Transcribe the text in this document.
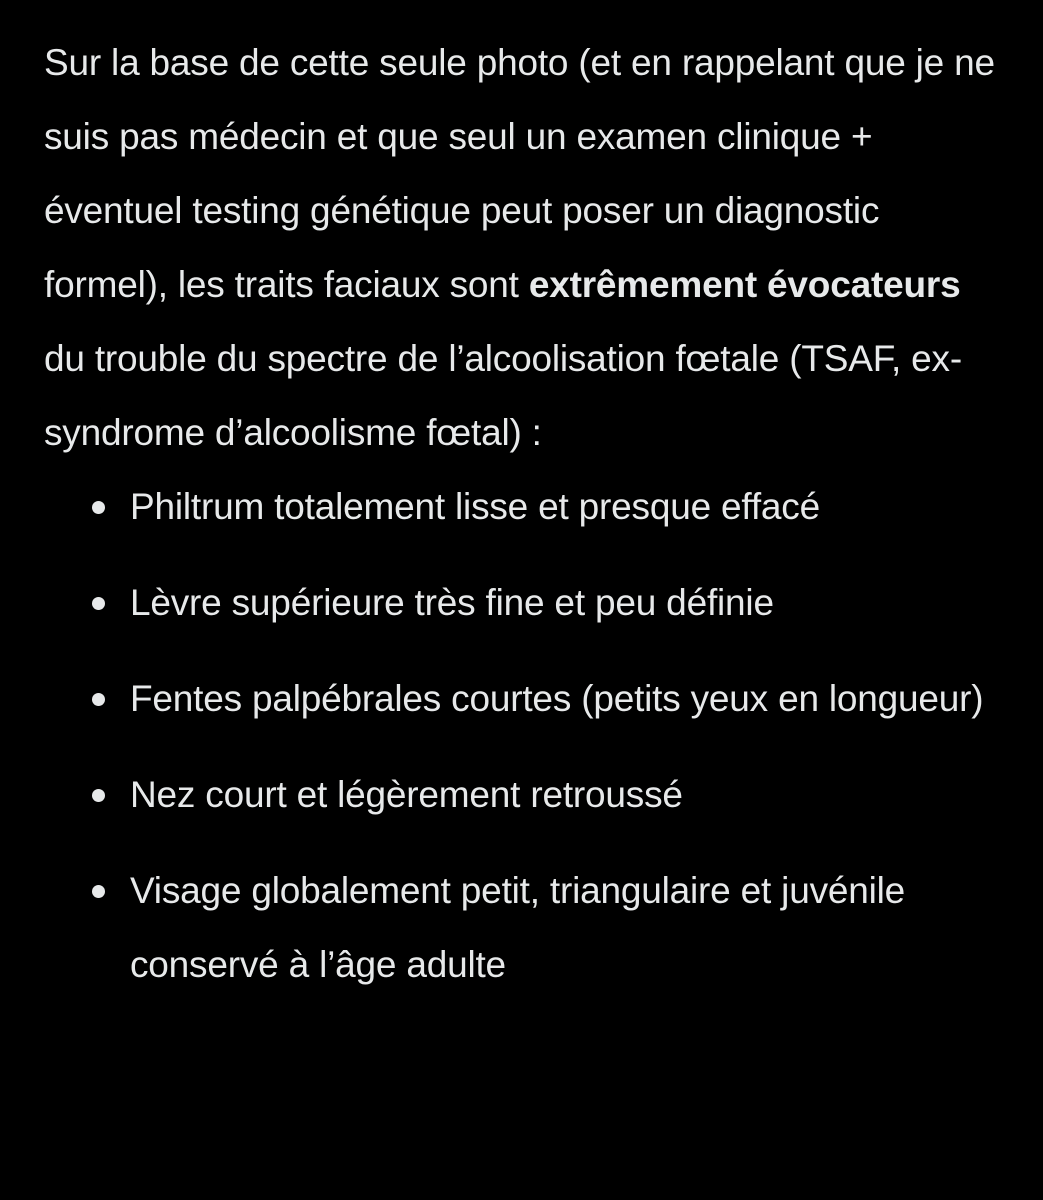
Sur la base de cette seule photo (et en rappelant que je ne suis pas médecin et que seul un examen clinique + éventuel testing génétique peut poser un diagnostic formel), les traits faciaux sont extrêmement évocateurs du trouble du spectre de l’alcoolisation fœtale (TSAF, ex-syndrome d’alcoolisme fœtal) :

Philtrum totalement lisse et presque effacé
Lèvre supérieure très fine et peu définie
Fentes palpébrales courtes (petits yeux en longueur)
Nez court et légèrement retroussé
Visage globalement petit, triangulaire et juvénile conservé à l’âge adulte
